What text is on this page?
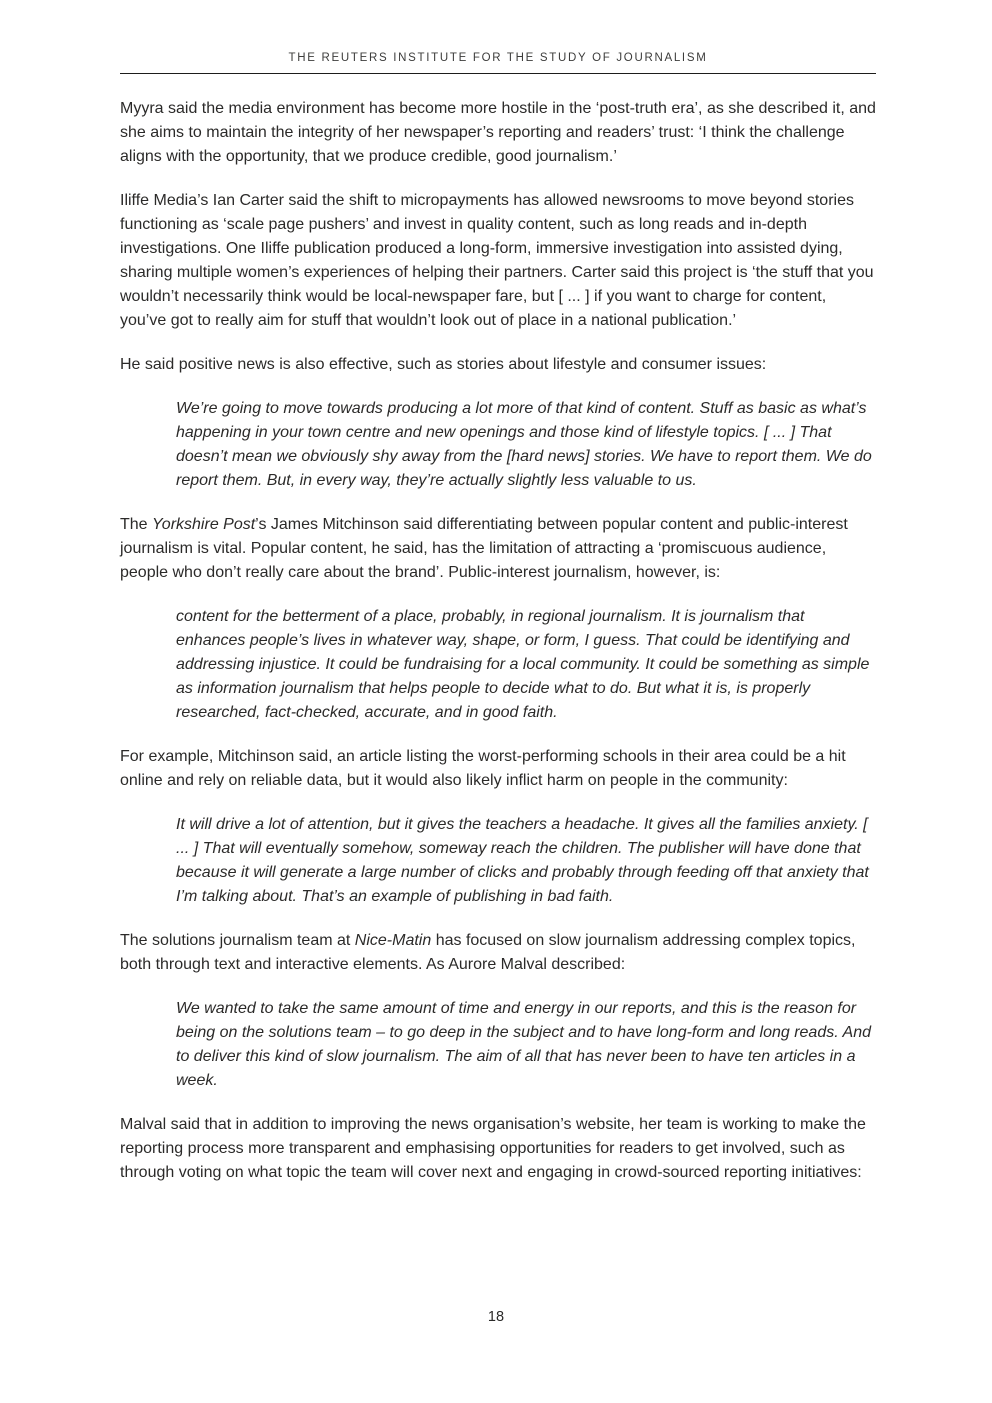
THE REUTERS INSTITUTE FOR THE STUDY OF JOURNALISM

Myyra said the media environment has become more hostile in the ‘post-truth era’, as she described it, and she aims to maintain the integrity of her newspaper’s reporting and readers’ trust: ‘I think the challenge aligns with the opportunity, that we produce credible, good journalism.’

Iliffe Media’s Ian Carter said the shift to micropayments has allowed newsrooms to move beyond stories functioning as ‘scale page pushers’ and invest in quality content, such as long reads and in-depth investigations. One Iliffe publication produced a long-form, immersive investigation into assisted dying, sharing multiple women’s experiences of helping their partners. Carter said this project is ‘the stuff that you wouldn’t necessarily think would be local-newspaper fare, but [ ... ] if you want to charge for content, you’ve got to really aim for stuff that wouldn’t look out of place in a national publication.’

He said positive news is also effective, such as stories about lifestyle and consumer issues:

We’re going to move towards producing a lot more of that kind of content. Stuff as basic as what’s happening in your town centre and new openings and those kind of lifestyle topics. [ ... ] That doesn’t mean we obviously shy away from the [hard news] stories. We have to report them. We do report them. But, in every way, they’re actually slightly less valuable to us.

The Yorkshire Post’s James Mitchinson said differentiating between popular content and public-interest journalism is vital. Popular content, he said, has the limitation of attracting a ‘promiscuous audience, people who don’t really care about the brand’. Public-interest journalism, however, is:

content for the betterment of a place, probably, in regional journalism. It is journalism that enhances people’s lives in whatever way, shape, or form, I guess. That could be identifying and addressing injustice. It could be fundraising for a local community. It could be something as simple as information journalism that helps people to decide what to do. But what it is, is properly researched, fact-checked, accurate, and in good faith.

For example, Mitchinson said, an article listing the worst-performing schools in their area could be a hit online and rely on reliable data, but it would also likely inflict harm on people in the community:

It will drive a lot of attention, but it gives the teachers a headache. It gives all the families anxiety. [ ... ] That will eventually somehow, someway reach the children. The publisher will have done that because it will generate a large number of clicks and probably through feeding off that anxiety that I’m talking about. That’s an example of publishing in bad faith.

The solutions journalism team at Nice-Matin has focused on slow journalism addressing complex topics, both through text and interactive elements. As Aurore Malval described:

We wanted to take the same amount of time and energy in our reports, and this is the reason for being on the solutions team – to go deep in the subject and to have long-form and long reads. And to deliver this kind of slow journalism. The aim of all that has never been to have ten articles in a week.

Malval said that in addition to improving the news organisation’s website, her team is working to make the reporting process more transparent and emphasising opportunities for readers to get involved, such as through voting on what topic the team will cover next and engaging in crowd-sourced reporting initiatives:

18
